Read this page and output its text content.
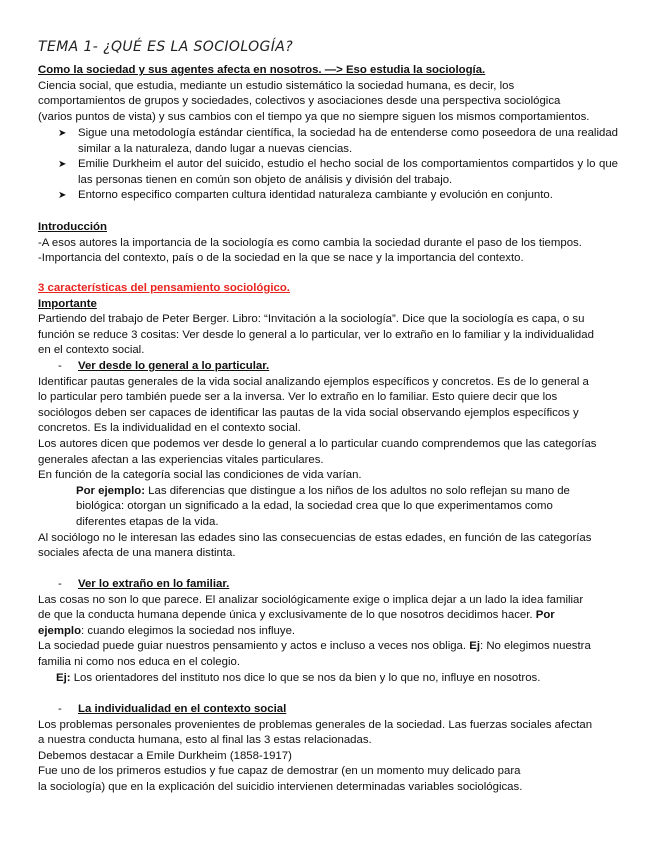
TEMA 1- ¿QUÉ ES LA SOCIOLOGÍA?

Como la sociedad y sus agentes afecta en nosotros. —> Eso estudia la sociología.

Ciencia social, que estudia, mediante un estudio sistemático la sociedad humana, es decir, los

comportamientos de grupos y sociedades, colectivos y asociaciones desde una perspectiva sociológica

(varios puntos de vista) y sus cambios con el tiempo ya que no siempre siguen los mismos comportamientos.

➤ Sigue una metodología estándar científica, la sociedad ha de entenderse como poseedora de una realidad similar a la naturaleza, dando lugar a nuevas ciencias.
➤ Emilie Durkheim el autor del suicido, estudio el hecho social de los comportamientos compartidos y lo que las personas tienen en común son objeto de análisis y división del trabajo.
➤ Entorno especifico comparten cultura identidad naturaleza cambiante y evolución en conjunto.

Introducción

-A esos autores la importancia de la sociología es como cambia la sociedad durante el paso de los tiempos.

-Importancia del contexto, país o de la sociedad en la que se nace y la importancia del contexto.

3 características del pensamiento sociológico.

Importante

Partiendo del trabajo de Peter Berger. Libro: “Invitación a la sociología”. Dice que la sociología es capa, o su

función se reduce 3 cositas: Ver desde lo general a lo particular, ver lo extraño en lo familiar y la individualidad

en el contexto social.

- Ver desde lo general a lo particular.

Identificar pautas generales de la vida social analizando ejemplos específicos y concretos. Es de lo general a

lo particular pero también puede ser a la inversa. Ver lo extraño en lo familiar. Esto quiere decir que los

sociólogos deben ser capaces de identificar las pautas de la vida social observando ejemplos específicos y

concretos. Es la individualidad en el contexto social.

Los autores dicen que podemos ver desde lo general a lo particular cuando comprendemos que las categorías

generales afectan a las experiencias vitales particulares.

En función de la categoría social las condiciones de vida varían.

Por ejemplo: Las diferencias que distingue a los niños de los adultos no solo reflejan su mano de

biológica: otorgan un significado a la edad, la sociedad crea que lo que experimentamos como

diferentes etapas de la vida.

Al sociólogo no le interesan las edades sino las consecuencias de estas edades, en función de las categorías

sociales afecta de una manera distinta.

- Ver lo extraño en lo familiar.

Las cosas no son lo que parece. El analizar sociológicamente exige o implica dejar a un lado la idea familiar

de que la conducta humana depende única y exclusivamente de lo que nosotros decidimos hacer. Por

ejemplo: cuando elegimos la sociedad nos influye.

La sociedad puede guiar nuestros pensamiento y actos e incluso a veces nos obliga. Ej: No elegimos nuestra

familia ni como nos educa en el colegio.

Ej: Los orientadores del instituto nos dice lo que se nos da bien y lo que no, influye en nosotros.

- La individualidad en el contexto social

Los problemas personales provenientes de problemas generales de la sociedad. Las fuerzas sociales afectan

a nuestra conducta humana, esto al final las 3 estas relacionadas.

Debemos destacar a Emile Durkheim (1858-1917)

Fue uno de los primeros estudios y fue capaz de demostrar (en un momento muy delicado para

la sociología) que en la explicación del suicidio intervienen determinadas variables sociológicas.
